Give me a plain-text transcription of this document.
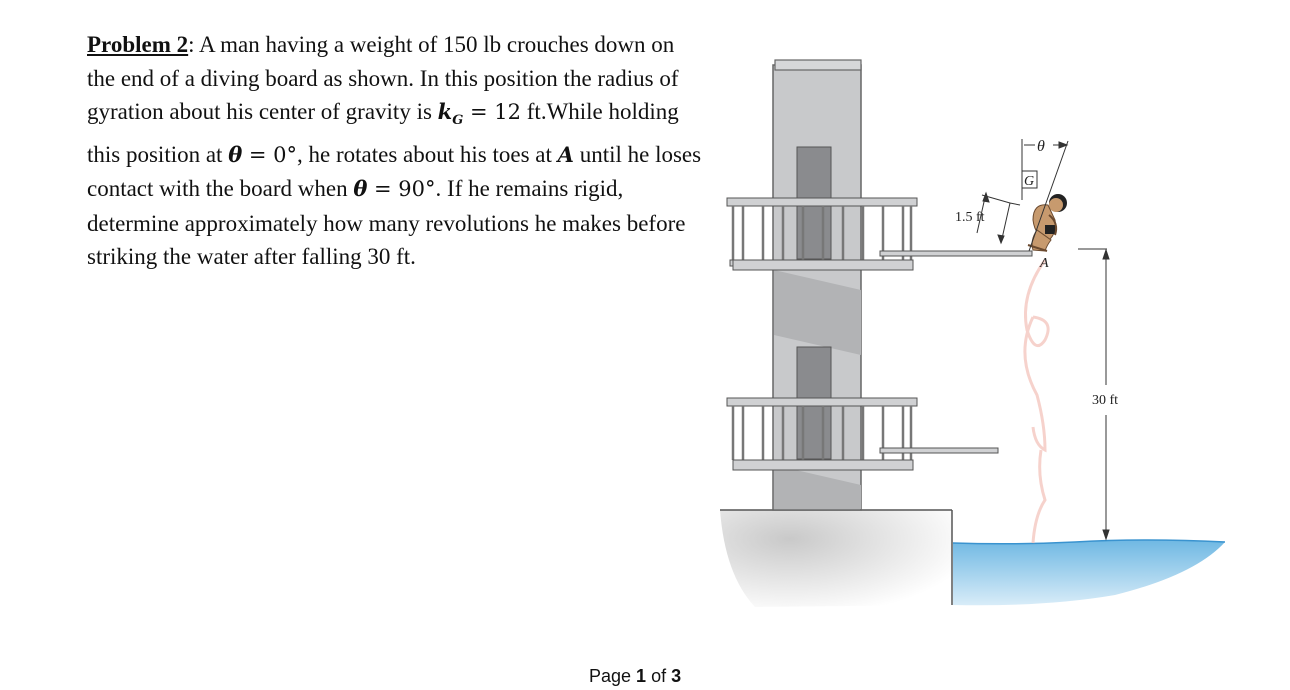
Problem 2: A man having a weight of 150 lb crouches down on the end of a diving board as shown. In this position the radius of gyration about his center of gravity is $k_G = 12$ ft.While holding this position at θ = 0°, he rotates about his toes at A until he loses contact with the board when θ = 90°. If he remains rigid, determine approximately how many revolutions he makes before striking the water after falling 30 ft.
30 ft
θ
G
1.5 ft
A
Page 1 of 3
